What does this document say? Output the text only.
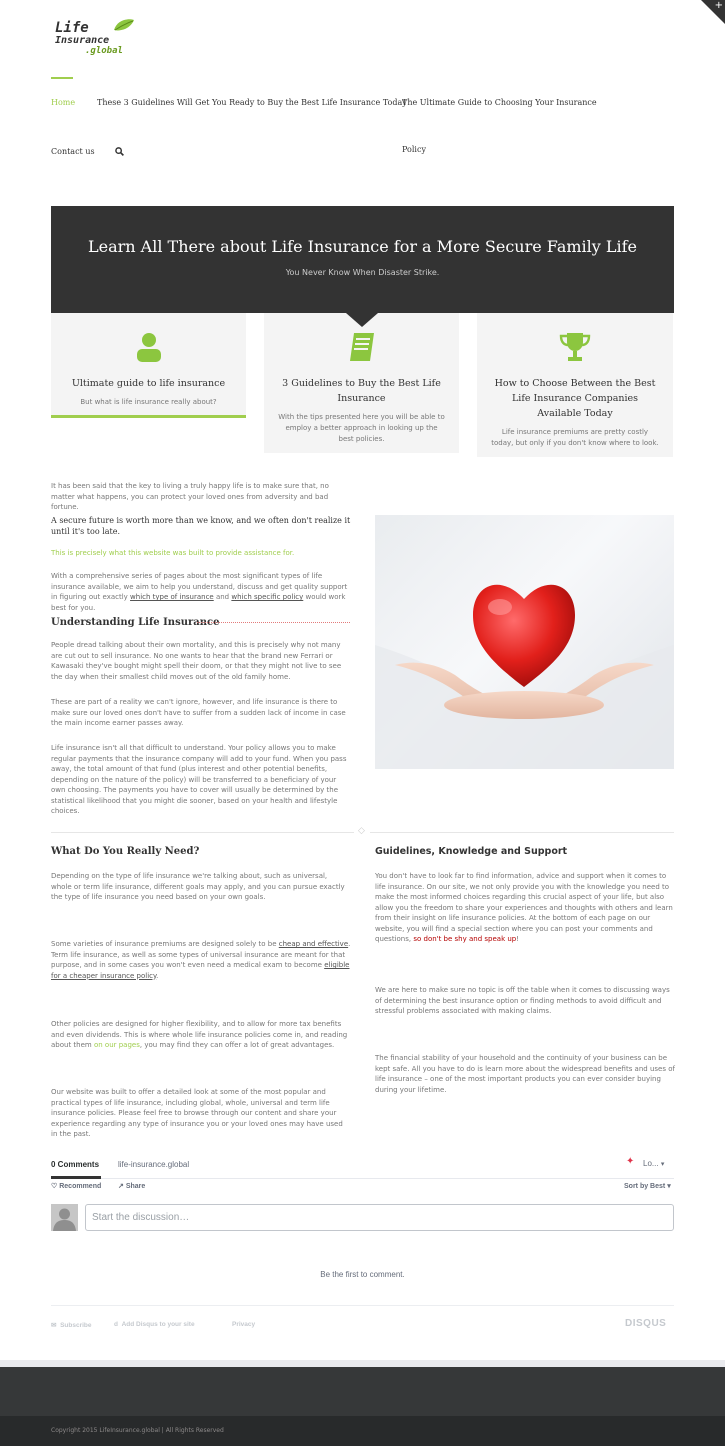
+
Life
Insurance
.global
Home	These 3 Guidelines Will Get You Ready to Buy the Best Life Insurance Today
The Ultimate Guide to Choosing Your Insurance
Policy
Contact us
Learn All There about Life Insurance for a More Secure Family Life

You Never Know When Disaster Strike.

Ultimate guide to life insurance

But what is life insurance really about?

3 Guidelines to Buy the Best Life Insurance

With the tips presented here you will be able to employ a better approach in looking up the best policies.

How to Choose Between the Best Life Insurance Companies Available Today

Life insurance premiums are pretty costly today, but only if you don't know where to look.

It has been said that the key to living a truly happy life is to make sure that, no matter what happens, you can protect your loved ones from adversity and bad fortune.

A secure future is worth more than we know, and we often don't realize it until it's too late.

This is precisely what this website was built to provide assistance for.

With a comprehensive series of pages about the most significant types of life insurance available, we aim to help you understand, discuss and get quality support in figuring out exactly which type of insurance and which specific policy would work best for you.

Understanding Life Insurance

People dread talking about their own mortality, and this is precisely why not many are cut out to sell insurance. No one wants to hear that the brand new Ferrari or Kawasaki they've bought might spell their doom, or that they might not live to see the day when their smallest child moves out of the old family home.

These are part of a reality we can't ignore, however, and life insurance is there to make sure our loved ones don't have to suffer from a sudden lack of income in case the main income earner passes away.

Life insurance isn't all that difficult to understand. Your policy allows you to make regular payments that the insurance company will add to your fund. When you pass away, the total amount of that fund (plus interest and other potential benefits, depending on the nature of the policy) will be transferred to a beneficiary of your own choosing. The payments you have to cover will usually be determined by the statistical likelihood that you might die sooner, based on your health and lifestyle choices.

◇
What Do You Really Need?

Depending on the type of life insurance we're talking about, such as universal, whole or term life insurance, different goals may apply, and you can pursue exactly the type of life insurance you need based on your own goals.

Some varieties of insurance premiums are designed solely to be cheap and effective. Term life insurance, as well as some types of universal insurance are meant for that purpose, and in some cases you won't even need a medical exam to become eligible for a cheaper insurance policy.

Other policies are designed for higher flexibility, and to allow for more tax benefits and even dividends. This is where whole life insurance policies come in, and reading about them on our pages, you may find they can offer a lot of great advantages.

Our website was built to offer a detailed look at some of the most popular and practical types of life insurance, including global, whole, universal and term life insurance policies. Please feel free to browse through our content and share your experience regarding any type of insurance you or your loved ones may have used in the past.

Guidelines, Knowledge and Support

You don't have to look far to find information, advice and support when it comes to life insurance. On our site, we not only provide you with the knowledge you need to make the most informed choices regarding this crucial aspect of your life, but also allow you the freedom to share your experiences and thoughts with others and learn from their insight on life insurance policies. At the bottom of each page on our website, you will find a special section where you can post your comments and questions, so don't be shy and speak up!

We are here to make sure no topic is off the table when it comes to discussing ways of determining the best insurance option or finding methods to avoid difficult and stressful problems associated with making claims.

The financial stability of your household and the continuity of your business can be kept safe. All you have to do is learn more about the widespread benefits and uses of life insurance – one of the most important products you can ever consider buying during your lifetime.

0 Comments life-insurance.global	✦ Lo... ▾
♡ Recommend ↗ Share	Sort by Best ▾
Start the discussion…
Be the first to comment.
✉ Subscribe	d Add Disqus to your site	Privacy	DISQUS
Copyright 2015 LifeInsurance.global | All Rights Reserved
